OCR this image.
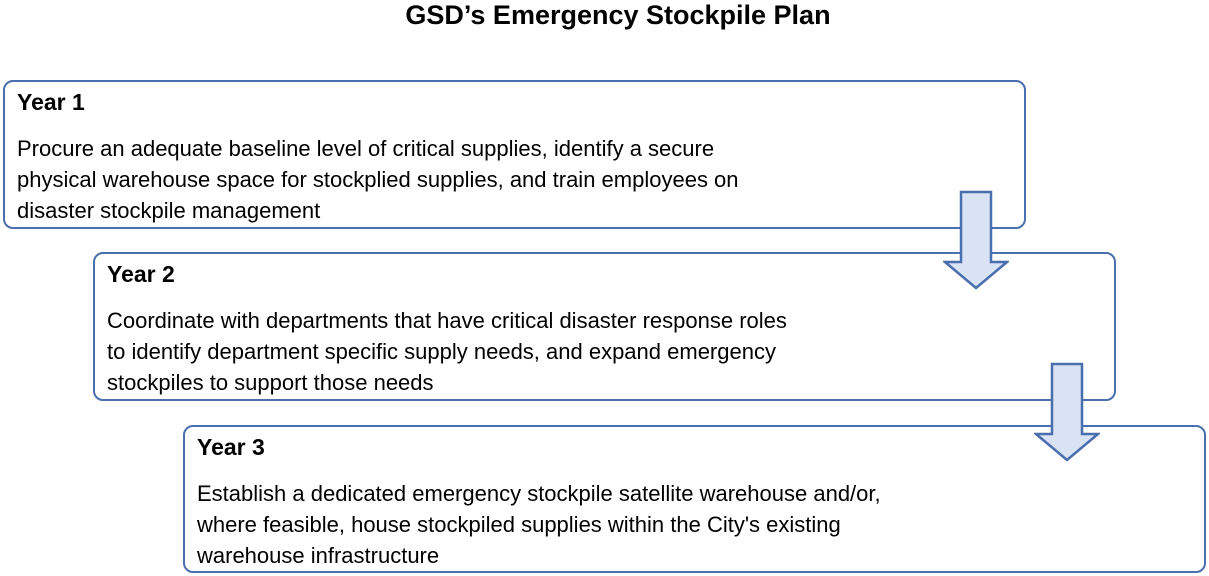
GSD’s Emergency Stockpile Plan
Year 1
Procure an adequate baseline level of critical supplies, identify a secure
physical warehouse space for stockplied supplies, and train employees on
disaster stockpile management
Year 2
Coordinate with departments that have critical disaster response roles
to identify department specific supply needs, and expand emergency
stockpiles to support those needs
Year 3
Establish a dedicated emergency stockpile satellite warehouse and/or,
where feasible, house stockpiled supplies within the City's existing
warehouse infrastructure
